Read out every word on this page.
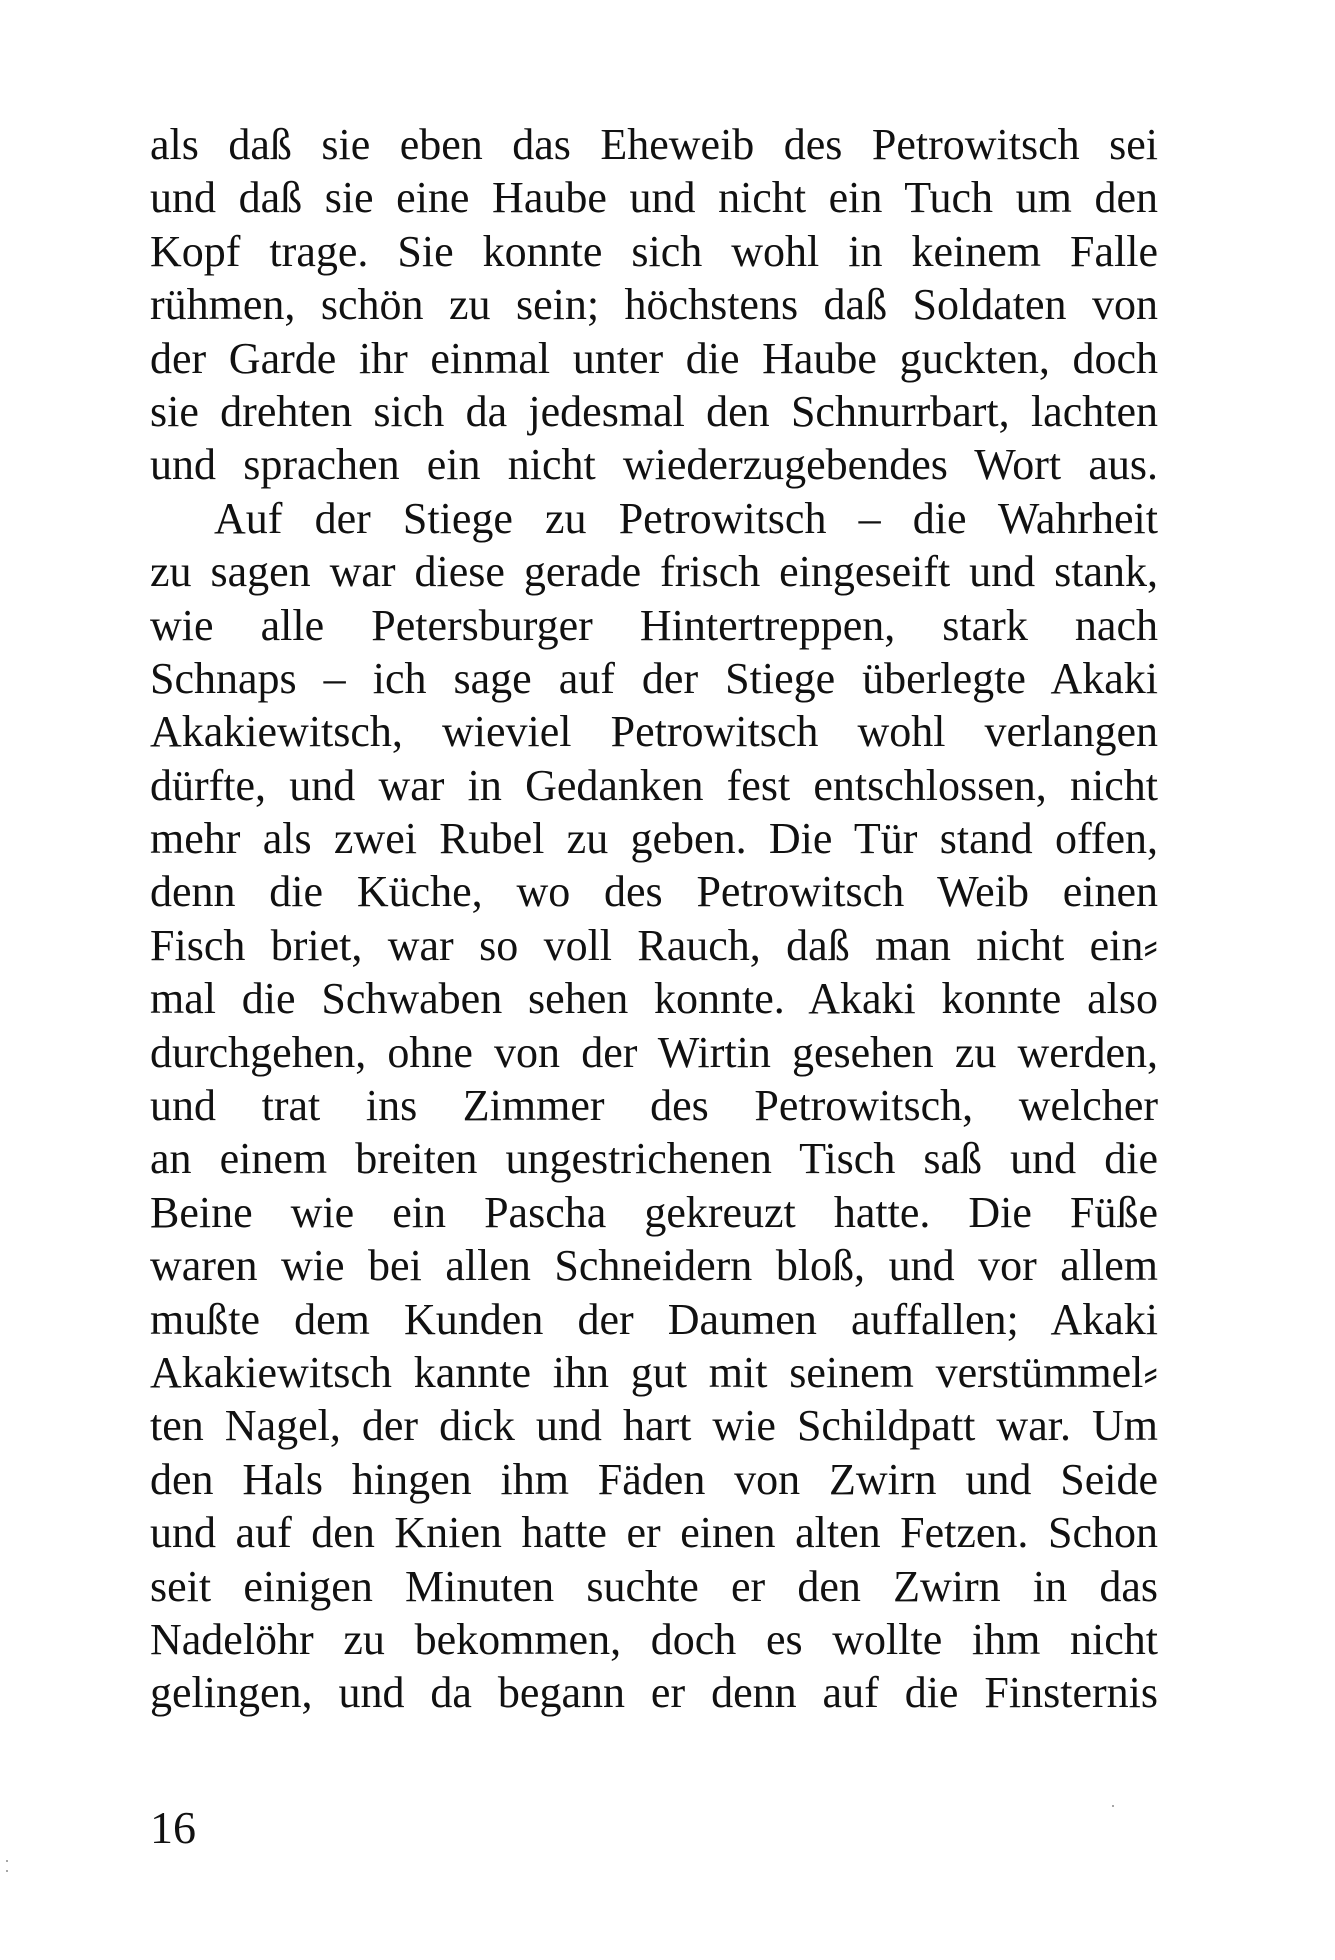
als daß sie eben das Eheweib des Petrowitsch sei
und daß sie eine Haube und nicht ein Tuch um den
Kopf trage. Sie konnte sich wohl in keinem Falle
rühmen, schön zu sein; höchstens daß Soldaten von
der Garde ihr einmal unter die Haube guckten, doch
sie drehten sich da jedesmal den Schnurrbart, lachten
und sprachen ein nicht wiederzugebendes Wort aus.
Auf der Stiege zu Petrowitsch – die Wahrheit
zu sagen war diese gerade frisch eingeseift und stank,
wie alle Petersburger Hintertreppen, stark nach
Schnaps – ich sage auf der Stiege überlegte Akaki
Akakiewitsch, wieviel Petrowitsch wohl verlangen
dürfte, und war in Gedanken fest entschlossen, nicht
mehr als zwei Rubel zu geben. Die Tür stand offen,
denn die Küche, wo des Petrowitsch Weib einen
Fisch briet, war so voll Rauch, daß man nicht ein⸗
mal die Schwaben sehen konnte. Akaki konnte also
durchgehen, ohne von der Wirtin gesehen zu werden,
und trat ins Zimmer des Petrowitsch, welcher
an einem breiten ungestrichenen Tisch saß und die
Beine wie ein Pascha gekreuzt hatte. Die Füße
waren wie bei allen Schneidern bloß, und vor allem
mußte dem Kunden der Daumen auffallen; Akaki
Akakiewitsch kannte ihn gut mit seinem verstümmel⸗
ten Nagel, der dick und hart wie Schildpatt war. Um
den Hals hingen ihm Fäden von Zwirn und Seide
und auf den Knien hatte er einen alten Fetzen. Schon
seit einigen Minuten suchte er den Zwirn in das
Nadelöhr zu bekommen, doch es wollte ihm nicht
gelingen, und da begann er denn auf die Finsternis
16
